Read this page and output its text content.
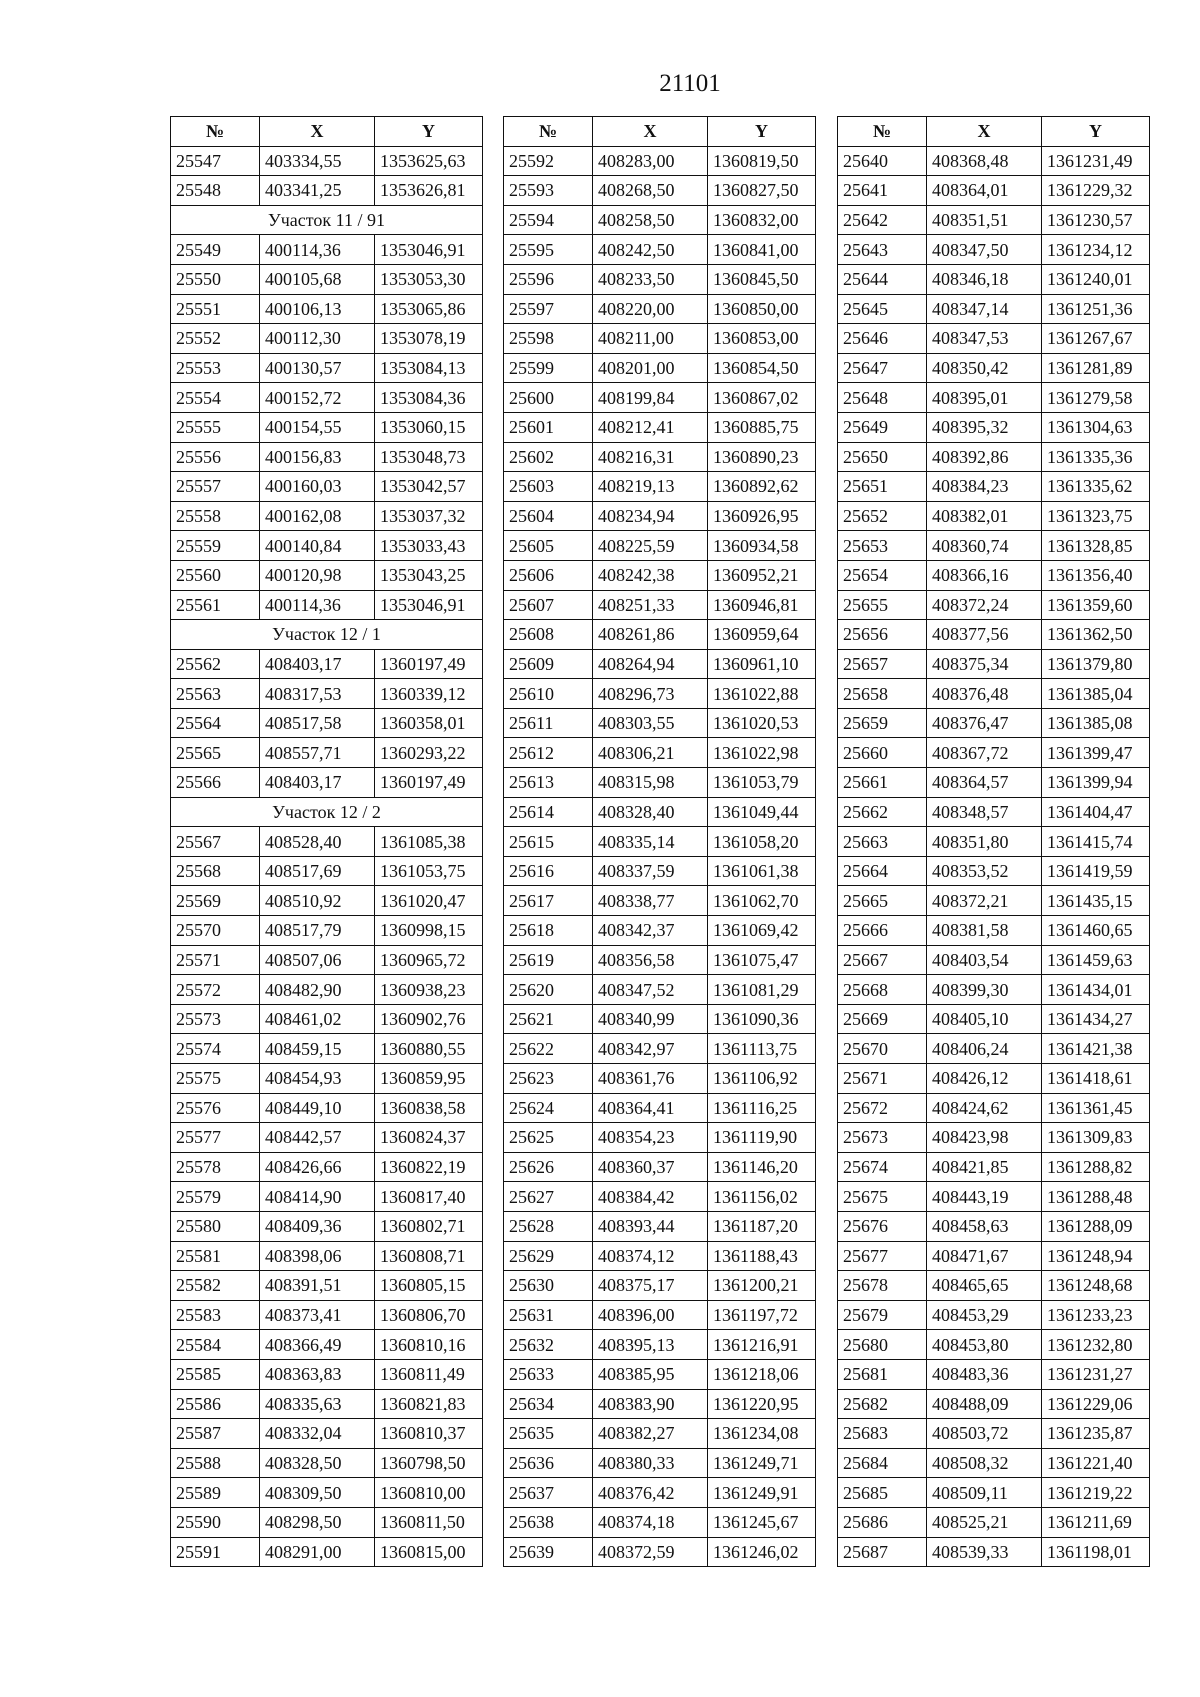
21101
№	X	Y
25547	403334,55	1353625,63
25548	403341,25	1353626,81
Участок 11 / 91		
25549	400114,36	1353046,91
25550	400105,68	1353053,30
25551	400106,13	1353065,86
25552	400112,30	1353078,19
25553	400130,57	1353084,13
25554	400152,72	1353084,36
25555	400154,55	1353060,15
25556	400156,83	1353048,73
25557	400160,03	1353042,57
25558	400162,08	1353037,32
25559	400140,84	1353033,43
25560	400120,98	1353043,25
25561	400114,36	1353046,91
Участок 12 / 1		
25562	408403,17	1360197,49
25563	408317,53	1360339,12
25564	408517,58	1360358,01
25565	408557,71	1360293,22
25566	408403,17	1360197,49
Участок 12 / 2		
25567	408528,40	1361085,38
25568	408517,69	1361053,75
25569	408510,92	1361020,47
25570	408517,79	1360998,15
25571	408507,06	1360965,72
25572	408482,90	1360938,23
25573	408461,02	1360902,76
25574	408459,15	1360880,55
25575	408454,93	1360859,95
25576	408449,10	1360838,58
25577	408442,57	1360824,37
25578	408426,66	1360822,19
25579	408414,90	1360817,40
25580	408409,36	1360802,71
25581	408398,06	1360808,71
25582	408391,51	1360805,15
25583	408373,41	1360806,70
25584	408366,49	1360810,16
25585	408363,83	1360811,49
25586	408335,63	1360821,83
25587	408332,04	1360810,37
25588	408328,50	1360798,50
25589	408309,50	1360810,00
25590	408298,50	1360811,50
25591	408291,00	1360815,00
№	X	Y
25592	408283,00	1360819,50
25593	408268,50	1360827,50
25594	408258,50	1360832,00
25595	408242,50	1360841,00
25596	408233,50	1360845,50
25597	408220,00	1360850,00
25598	408211,00	1360853,00
25599	408201,00	1360854,50
25600	408199,84	1360867,02
25601	408212,41	1360885,75
25602	408216,31	1360890,23
25603	408219,13	1360892,62
25604	408234,94	1360926,95
25605	408225,59	1360934,58
25606	408242,38	1360952,21
25607	408251,33	1360946,81
25608	408261,86	1360959,64
25609	408264,94	1360961,10
25610	408296,73	1361022,88
25611	408303,55	1361020,53
25612	408306,21	1361022,98
25613	408315,98	1361053,79
25614	408328,40	1361049,44
25615	408335,14	1361058,20
25616	408337,59	1361061,38
25617	408338,77	1361062,70
25618	408342,37	1361069,42
25619	408356,58	1361075,47
25620	408347,52	1361081,29
25621	408340,99	1361090,36
25622	408342,97	1361113,75
25623	408361,76	1361106,92
25624	408364,41	1361116,25
25625	408354,23	1361119,90
25626	408360,37	1361146,20
25627	408384,42	1361156,02
25628	408393,44	1361187,20
25629	408374,12	1361188,43
25630	408375,17	1361200,21
25631	408396,00	1361197,72
25632	408395,13	1361216,91
25633	408385,95	1361218,06
25634	408383,90	1361220,95
25635	408382,27	1361234,08
25636	408380,33	1361249,71
25637	408376,42	1361249,91
25638	408374,18	1361245,67
25639	408372,59	1361246,02
№	X	Y
25640	408368,48	1361231,49
25641	408364,01	1361229,32
25642	408351,51	1361230,57
25643	408347,50	1361234,12
25644	408346,18	1361240,01
25645	408347,14	1361251,36
25646	408347,53	1361267,67
25647	408350,42	1361281,89
25648	408395,01	1361279,58
25649	408395,32	1361304,63
25650	408392,86	1361335,36
25651	408384,23	1361335,62
25652	408382,01	1361323,75
25653	408360,74	1361328,85
25654	408366,16	1361356,40
25655	408372,24	1361359,60
25656	408377,56	1361362,50
25657	408375,34	1361379,80
25658	408376,48	1361385,04
25659	408376,47	1361385,08
25660	408367,72	1361399,47
25661	408364,57	1361399,94
25662	408348,57	1361404,47
25663	408351,80	1361415,74
25664	408353,52	1361419,59
25665	408372,21	1361435,15
25666	408381,58	1361460,65
25667	408403,54	1361459,63
25668	408399,30	1361434,01
25669	408405,10	1361434,27
25670	408406,24	1361421,38
25671	408426,12	1361418,61
25672	408424,62	1361361,45
25673	408423,98	1361309,83
25674	408421,85	1361288,82
25675	408443,19	1361288,48
25676	408458,63	1361288,09
25677	408471,67	1361248,94
25678	408465,65	1361248,68
25679	408453,29	1361233,23
25680	408453,80	1361232,80
25681	408483,36	1361231,27
25682	408488,09	1361229,06
25683	408503,72	1361235,87
25684	408508,32	1361221,40
25685	408509,11	1361219,22
25686	408525,21	1361211,69
25687	408539,33	1361198,01
